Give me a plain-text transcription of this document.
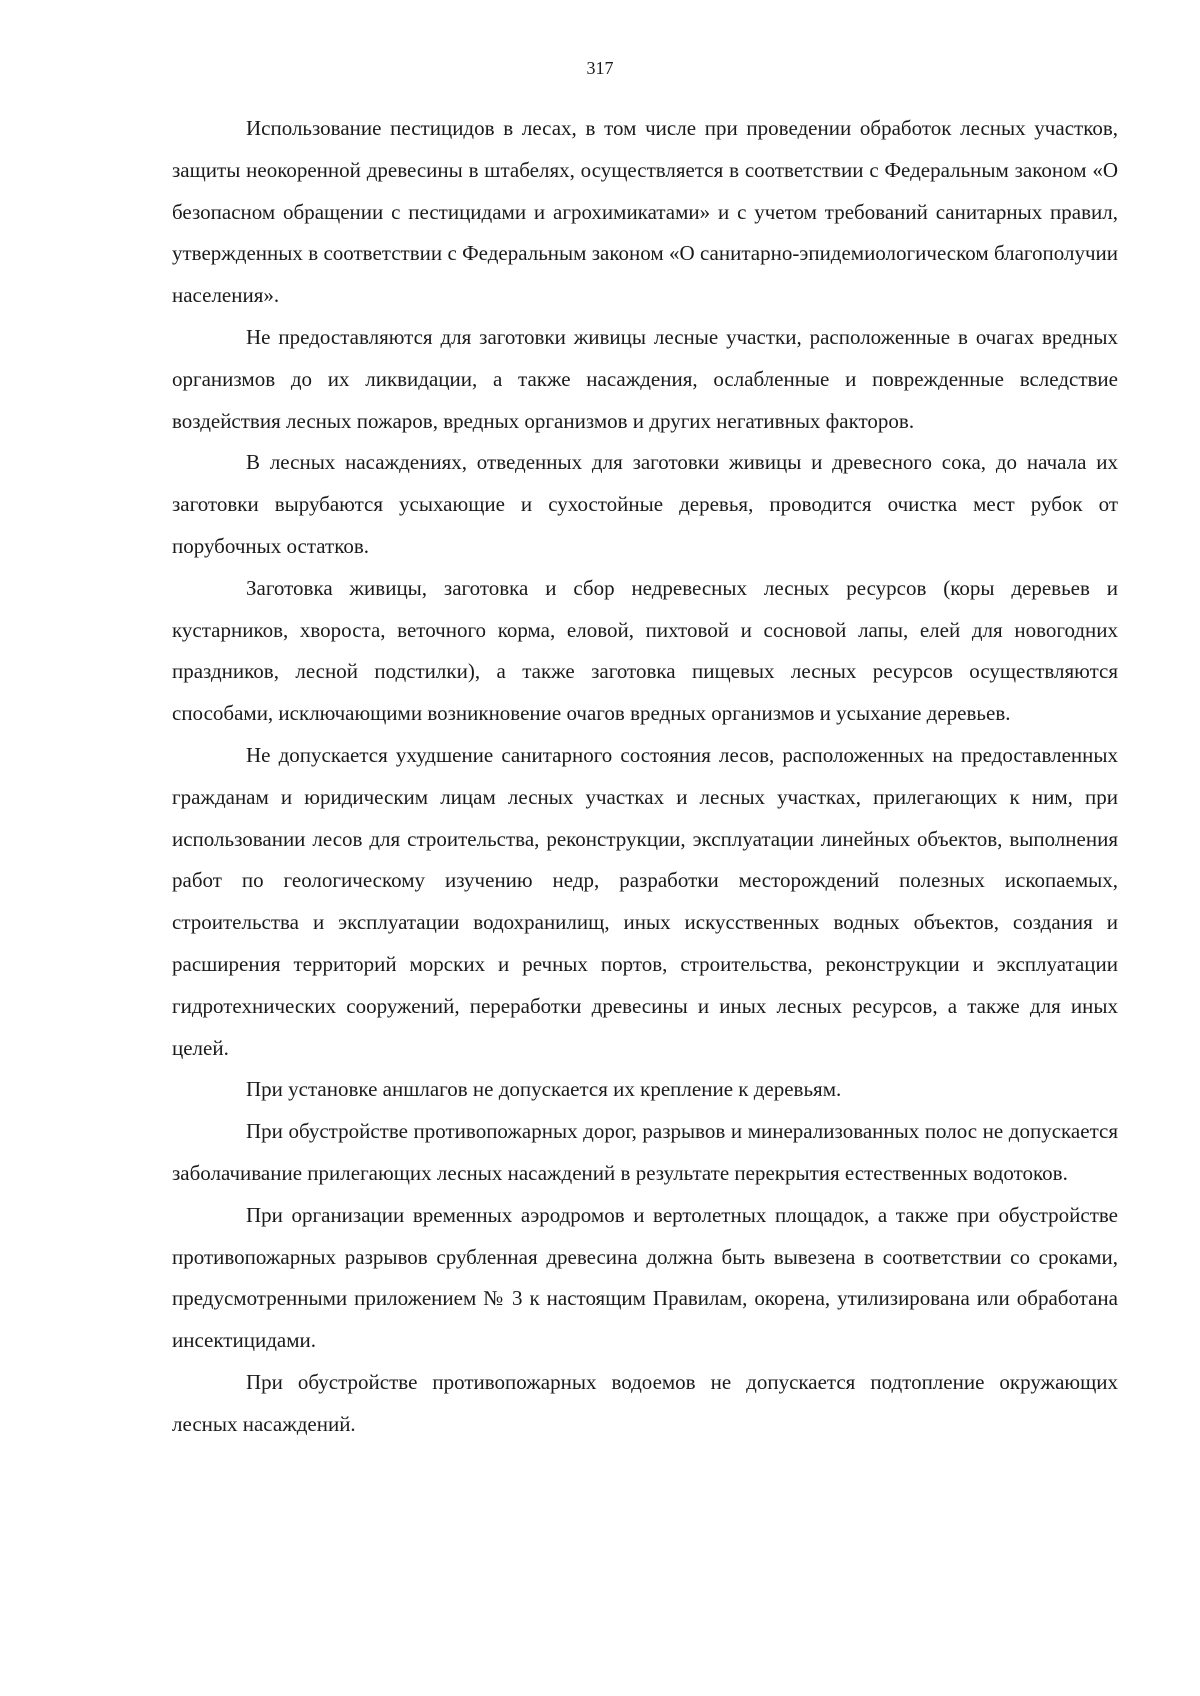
317

Использование пестицидов в лесах, в том числе при проведении обработок лесных участков, защиты неокоренной древесины в штабелях, осуществляется в соответствии с Федеральным законом «О безопасном обращении с пестицидами и агрохимикатами» и с учетом требований санитарных правил, утвержденных в соответствии с Федеральным законом «О санитарно-эпидемиологическом благополучии населения».

Не предоставляются для заготовки живицы лесные участки, расположенные в очагах вредных организмов до их ликвидации, а также насаждения, ослабленные и поврежденные вследствие воздействия лесных пожаров, вредных организмов и других негативных факторов.

В лесных насаждениях, отведенных для заготовки живицы и древесного сока, до начала их заготовки вырубаются усыхающие и сухостойные деревья, проводится очистка мест рубок от порубочных остатков.

Заготовка живицы, заготовка и сбор недревесных лесных ресурсов (коры деревьев и кустарников, хвороста, веточного корма, еловой, пихтовой и сосновой лапы, елей для новогодних праздников, лесной подстилки), а также заготовка пищевых лесных ресурсов осуществляются способами, исключающими возникновение очагов вредных организмов и усыхание деревьев.

Не допускается ухудшение санитарного состояния лесов, расположенных на предоставленных гражданам и юридическим лицам лесных участках и лесных участках, прилегающих к ним, при использовании лесов для строительства, реконструкции, эксплуатации линейных объектов, выполнения работ по геологическому изучению недр, разработки месторождений полезных ископаемых, строительства и эксплуатации водохранилищ, иных искусственных водных объектов, создания и расширения территорий морских и речных портов, строительства, реконструкции и эксплуатации гидротехнических сооружений, переработки древесины и иных лесных ресурсов, а также для иных целей.

При установке аншлагов не допускается их крепление к деревьям.

При обустройстве противопожарных дорог, разрывов и минерализованных полос не допускается заболачивание прилегающих лесных насаждений в результате перекрытия естественных водотоков.

При организации временных аэродромов и вертолетных площадок, а также при обустройстве противопожарных разрывов срубленная древесина должна быть вывезена в соответствии со сроками, предусмотренными приложением № 3 к настоящим Правилам, окорена, утилизирована или обработана инсектицидами.

При обустройстве противопожарных водоемов не допускается подтопление окружающих лесных насаждений.
